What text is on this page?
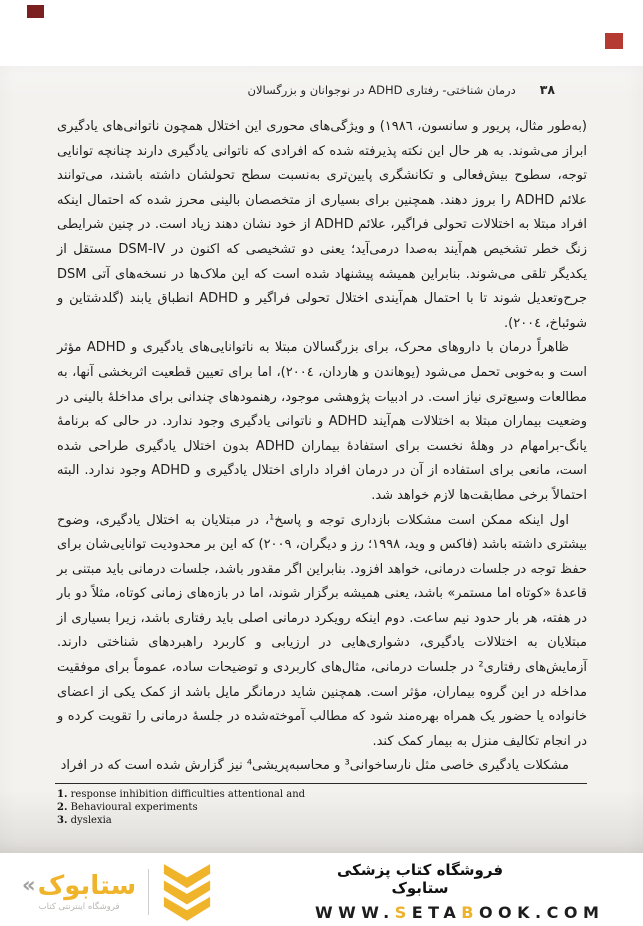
٣٨
درمان شناختی- رفتاری ADHD در نوجوانان و بزرگسالان

(به‌طور مثال، پریور و سانسون، ١٩٨٦) و ویژگی‌های محوری این اختلال همچون ناتوانی‌های یادگیری ابراز می‌شوند. به هر حال این نکته پذیرفته شده که افرادی که ناتوانی یادگیری دارند چنانچه توانایی توجه، سطوح بیش‌فعالی و تکانشگری پایین‌تری به‌نسبت سطح تحولشان داشته باشند، می‌توانند علائم ADHD را بروز دهند. همچنین برای بسیاری از متخصصان بالینی محرز شده که احتمال اینکه افراد مبتلا به اختلالات تحولی فراگیر، علائم ADHD از خود نشان دهند زیاد است. در چنین شرایطی زنگ خطر تشخیص هم‌آیند به‌صدا درمی‌آید؛ یعنی دو تشخیصی که اکنون در DSM-IV مستقل از یکدیگر تلقی می‌شوند. بنابراین همیشه پیشنهاد شده است که این ملاک‌ها در نسخه‌های آتی DSM جرح‌وتعدیل شوند تا با احتمال هم‌آیندی اختلال تحولی فراگیر و ADHD انطباق یابند (گلدشتاین و شوئباخ، ٢٠٠٤).

ظاهراً درمان با داروهای محرک، برای بزرگسالان مبتلا به ناتوانایی‌های یادگیری و ADHD مؤثر است و به‌خوبی تحمل می‌شود (یوهاندن و هاردان، ٢٠٠٤)، اما برای تعیین قطعیت اثربخشی آنها، به مطالعات وسیع‌تری نیاز است. در ادبیات پژوهشی موجود، رهنمودهای چندانی برای مداخلهٔ بالینی در وضعیت بیماران مبتلا به اختلالات هم‌آیند ADHD و ناتوانی یادگیری وجود ندارد. در حالی که برنامهٔ یانگ-برامهام در وهلهٔ نخست برای استفادهٔ بیماران ADHD بدون اختلال یادگیری طراحی شده است، مانعی برای استفاده از آن در درمان افراد دارای اختلال یادگیری و ADHD وجود ندارد. البته احتمالاً برخی مطابقت‌ها لازم خواهد شد.

اول اینکه ممکن است مشکلات بازداری توجه و پاسخ¹، در مبتلایان به اختلال یادگیری، وضوح بیشتری داشته باشد (فاکس و وید، ١٩٩٨؛ رز و دیگران، ٢٠٠٩) که این بر محدودیت توانایی‌شان برای حفظ توجه در جلسات درمانی، خواهد افزود. بنابراین اگر مقدور باشد، جلسات درمانی باید مبتنی بر قاعدهٔ «کوتاه اما مستمر» باشد، یعنی همیشه برگزار شوند، اما در بازه‌های زمانی کوتاه، مثلاً دو بار در هفته، هر بار حدود نیم ساعت. دوم اینکه رویکرد درمانی اصلی باید رفتاری باشد، زیرا بسیاری از مبتلایان به اختلالات یادگیری، دشواری‌هایی در ارزیابی و کاربرد راهبردهای شناختی دارند. آزمایش‌های رفتاری² در جلسات درمانی، مثال‌های کاربردی و توضیحات ساده، عموماً برای موفقیت مداخله در این گروه بیماران، مؤثر است. همچنین شاید درمانگر مایل باشد از کمک یکی از اعضای خانواده یا حضور یک همراه بهره‌مند شود که مطالب آموخته‌شده در جلسهٔ درمانی را تقویت کرده و در انجام تکالیف منزل به بیمار کمک کند.

مشکلات یادگیری خاصی مثل نارساخوانی³ و محاسبه‌پریشی⁴ نیز گزارش شده است که در افراد

1. response inhibition difficulties attentional and
2. Behavioural experiments
3. dyslexia
« ستابوک
فروشگاه اینترنتی کتاب
فروشگاه کتاب پزشکی ستابوک
WWW.SETABOOK.COM
